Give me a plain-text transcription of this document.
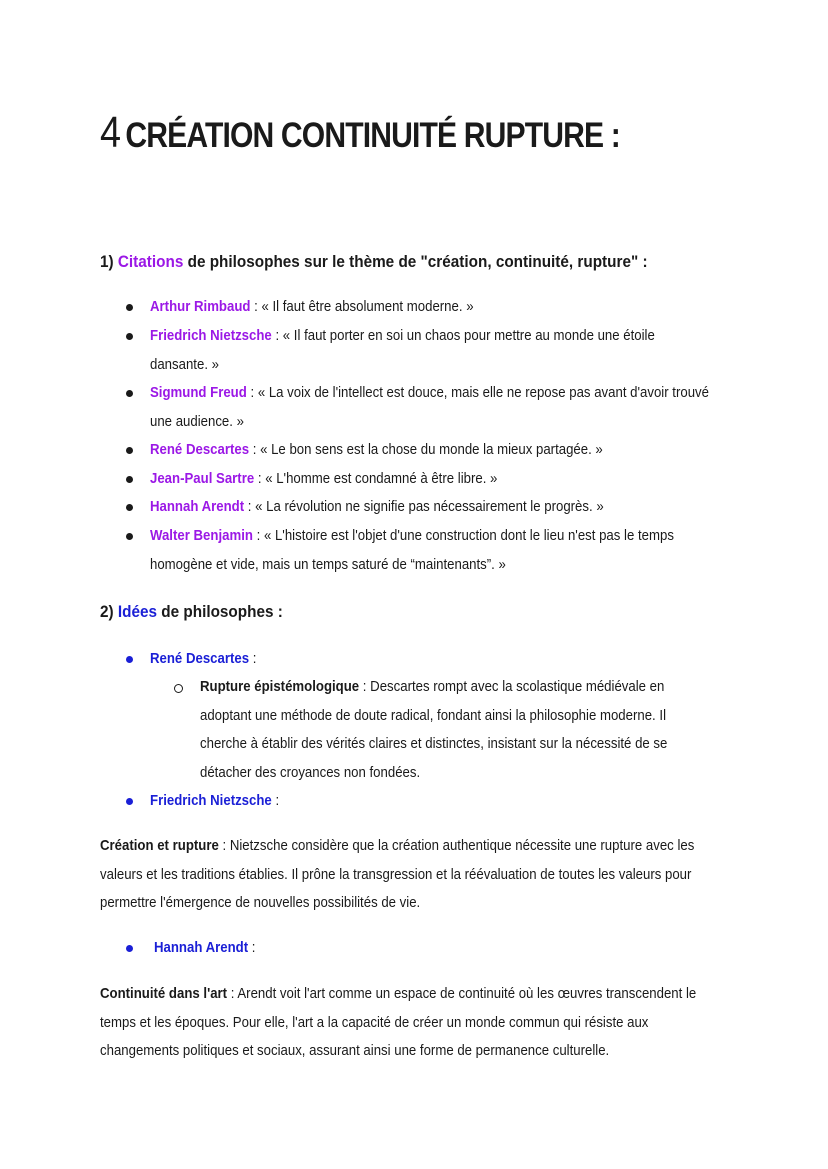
4 CRÉATION CONTINUITÉ RUPTURE :
1) Citations de philosophes sur le thème de "création, continuité, rupture" :

Arthur Rimbaud : « Il faut être absolument moderne. »

Friedrich Nietzsche : « Il faut porter en soi un chaos pour mettre au monde une étoile
dansante. »

Sigmund Freud : « La voix de l'intellect est douce, mais elle ne repose pas avant d'avoir trouvé
une audience. »

René Descartes : « Le bon sens est la chose du monde la mieux partagée. »

Jean-Paul Sartre : « L'homme est condamné à être libre. »

Hannah Arendt : « La révolution ne signifie pas nécessairement le progrès. »

Walter Benjamin : « L'histoire est l'objet d'une construction dont le lieu n'est pas le temps
homogène et vide, mais un temps saturé de “maintenants”. »

2) Idées de philosophes :

René Descartes :

Rupture épistémologique : Descartes rompt avec la scolastique médiévale en
adoptant une méthode de doute radical, fondant ainsi la philosophie moderne. Il
cherche à établir des vérités claires et distinctes, insistant sur la nécessité de se
détacher des croyances non fondées.

Friedrich Nietzsche :

Création et rupture : Nietzsche considère que la création authentique nécessite une rupture avec les
valeurs et les traditions établies. Il prône la transgression et la réévaluation de toutes les valeurs pour
permettre l'émergence de nouvelles possibilités de vie.

Hannah Arendt :

Continuité dans l'art : Arendt voit l'art comme un espace de continuité où les œuvres transcendent le
temps et les époques. Pour elle, l'art a la capacité de créer un monde commun qui résiste aux
changements politiques et sociaux, assurant ainsi une forme de permanence culturelle.
